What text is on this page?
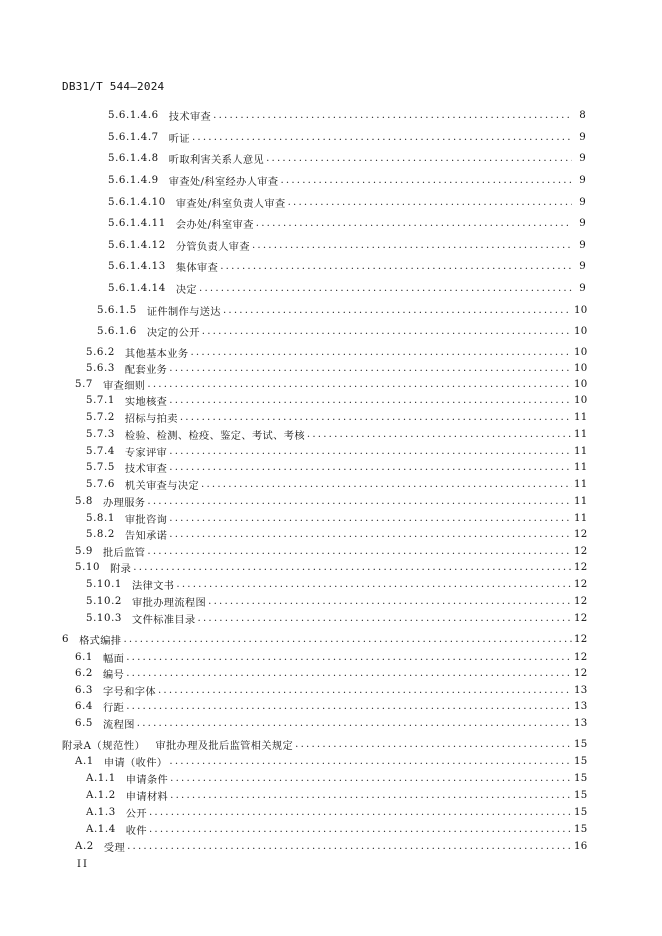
DB31/T 544—2024
5.6.1.4.6 技术审查 .....	8
5.6.1.4.7 听证 .....	9
5.6.1.4.8 听取利害关系人意见 .....	9
5.6.1.4.9 审查处/科室经办人审查 .....	9
5.6.1.4.10 审查处/科室负责人审查 .....	9
5.6.1.4.11 会办处/科室审查 .....	9
5.6.1.4.12 分管负责人审查 .....	9
5.6.1.4.13 集体审查 .....	9
5.6.1.4.14 决定 .....	9
5.6.1.5 证件制作与送达 .....	10
5.6.1.6 决定的公开 .....	10
5.6.2 其他基本业务 .....	10
5.6.3 配套业务 .....	10
5.7 审查细则 .....	10
5.7.1 实地核查 .....	10
5.7.2 招标与拍卖 .....	11
5.7.3 检验、检测、检疫、鉴定、考试、考核 .....	11
5.7.4 专家评审 .....	11
5.7.5 技术审查 .....	11
5.7.6 机关审查与决定 .....	11
5.8 办理服务 .....	11
5.8.1 审批咨询 .....	11
5.8.2 告知承诺 .....	12
5.9 批后监管 .....	12
5.10 附录 .....	12
5.10.1 法律文书 .....	12
5.10.2 审批办理流程图 .....	12
5.10.3 文件标准目录 .....	12
6 格式编排 .....	12
6.1 幅面 .....	12
6.2 编号 .....	12
6.3 字号和字体 .....	13
6.4 行距 .....	13
6.5 流程图 .....	13
附录A（规范性） 审批办理及批后监管相关规定 .....	15
A.1 申请（收件） .....	15
A.1.1 申请条件 .....	15
A.1.2 申请材料 .....	15
A.1.3 公开 .....	15
A.1.4 收件 .....	15
A.2 受理 .....	16
II
